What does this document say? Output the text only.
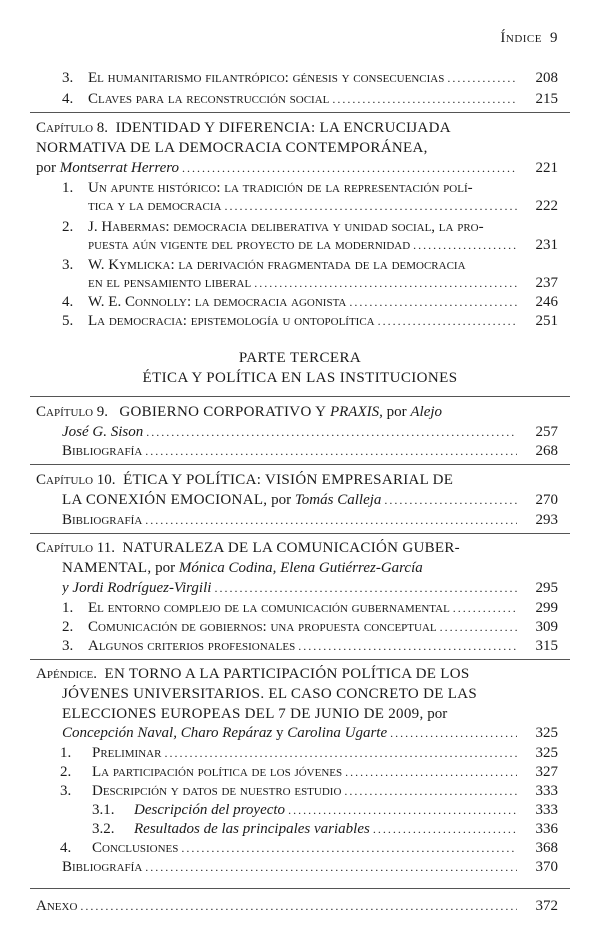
Índice 9
3. El humanitarismo filantrópico: génesis y consecuencias .....	208
4. Claves para la reconstrucción social .....	215
Capítulo 8. IDENTIDAD Y DIFERENCIA: LA ENCRUCIJADA
NORMATIVA DE LA DEMOCRACIA CONTEMPORÁNEA,
por Montserrat Herrero .....	221
1. Un apunte histórico: la tradición de la representación polí-
tica y la democracia .....	222
2. J. Habermas: democracia deliberativa y unidad social, la pro-
puesta aún vigente del proyecto de la modernidad .....	231
3. W. Kymlicka: la derivación fragmentada de la democracia
en el pensamiento liberal .....	237
4. W. E. Connolly: la democracia agonista .....	246
5. La democracia: epistemología u ontopolítica .....	251
PARTE TERCERA
ÉTICA Y POLÍTICA EN LAS INSTITUCIONES
Capítulo 9. GOBIERNO CORPORATIVO Y PRAXIS, por Alejo
José G. Sison .....	257
Bibliografía .....	268
Capítulo 10. ÉTICA Y POLÍTICA: VISIÓN EMPRESARIAL DE
LA CONEXIÓN EMOCIONAL, por Tomás Calleja .....	270
Bibliografía .....	293
Capítulo 11. NATURALEZA DE LA COMUNICACIÓN GUBER-
NAMENTAL, por Mónica Codina, Elena Gutiérrez-García
y Jordi Rodríguez-Virgili .....	295
1. El entorno complejo de la comunicación gubernamental .....	299
2. Comunicación de gobiernos: una propuesta conceptual .....	309
3. Algunos criterios profesionales .....	315
Apéndice. EN TORNO A LA PARTICIPACIÓN POLÍTICA DE LOS
JÓVENES UNIVERSITARIOS. EL CASO CONCRETO DE LAS
ELECCIONES EUROPEAS DEL 7 DE JUNIO DE 2009, por
Concepción Naval, Charo Repáraz y Carolina Ugarte .....	325
1. Preliminar .....	325
2. La participación política de los jóvenes .....	327
3. Descripción y datos de nuestro estudio .....	333
3.1. Descripción del proyecto .....	333
3.2. Resultados de las principales variables .....	336
4. Conclusiones .....	368
Bibliografía .....	370
Anexo .....	372
